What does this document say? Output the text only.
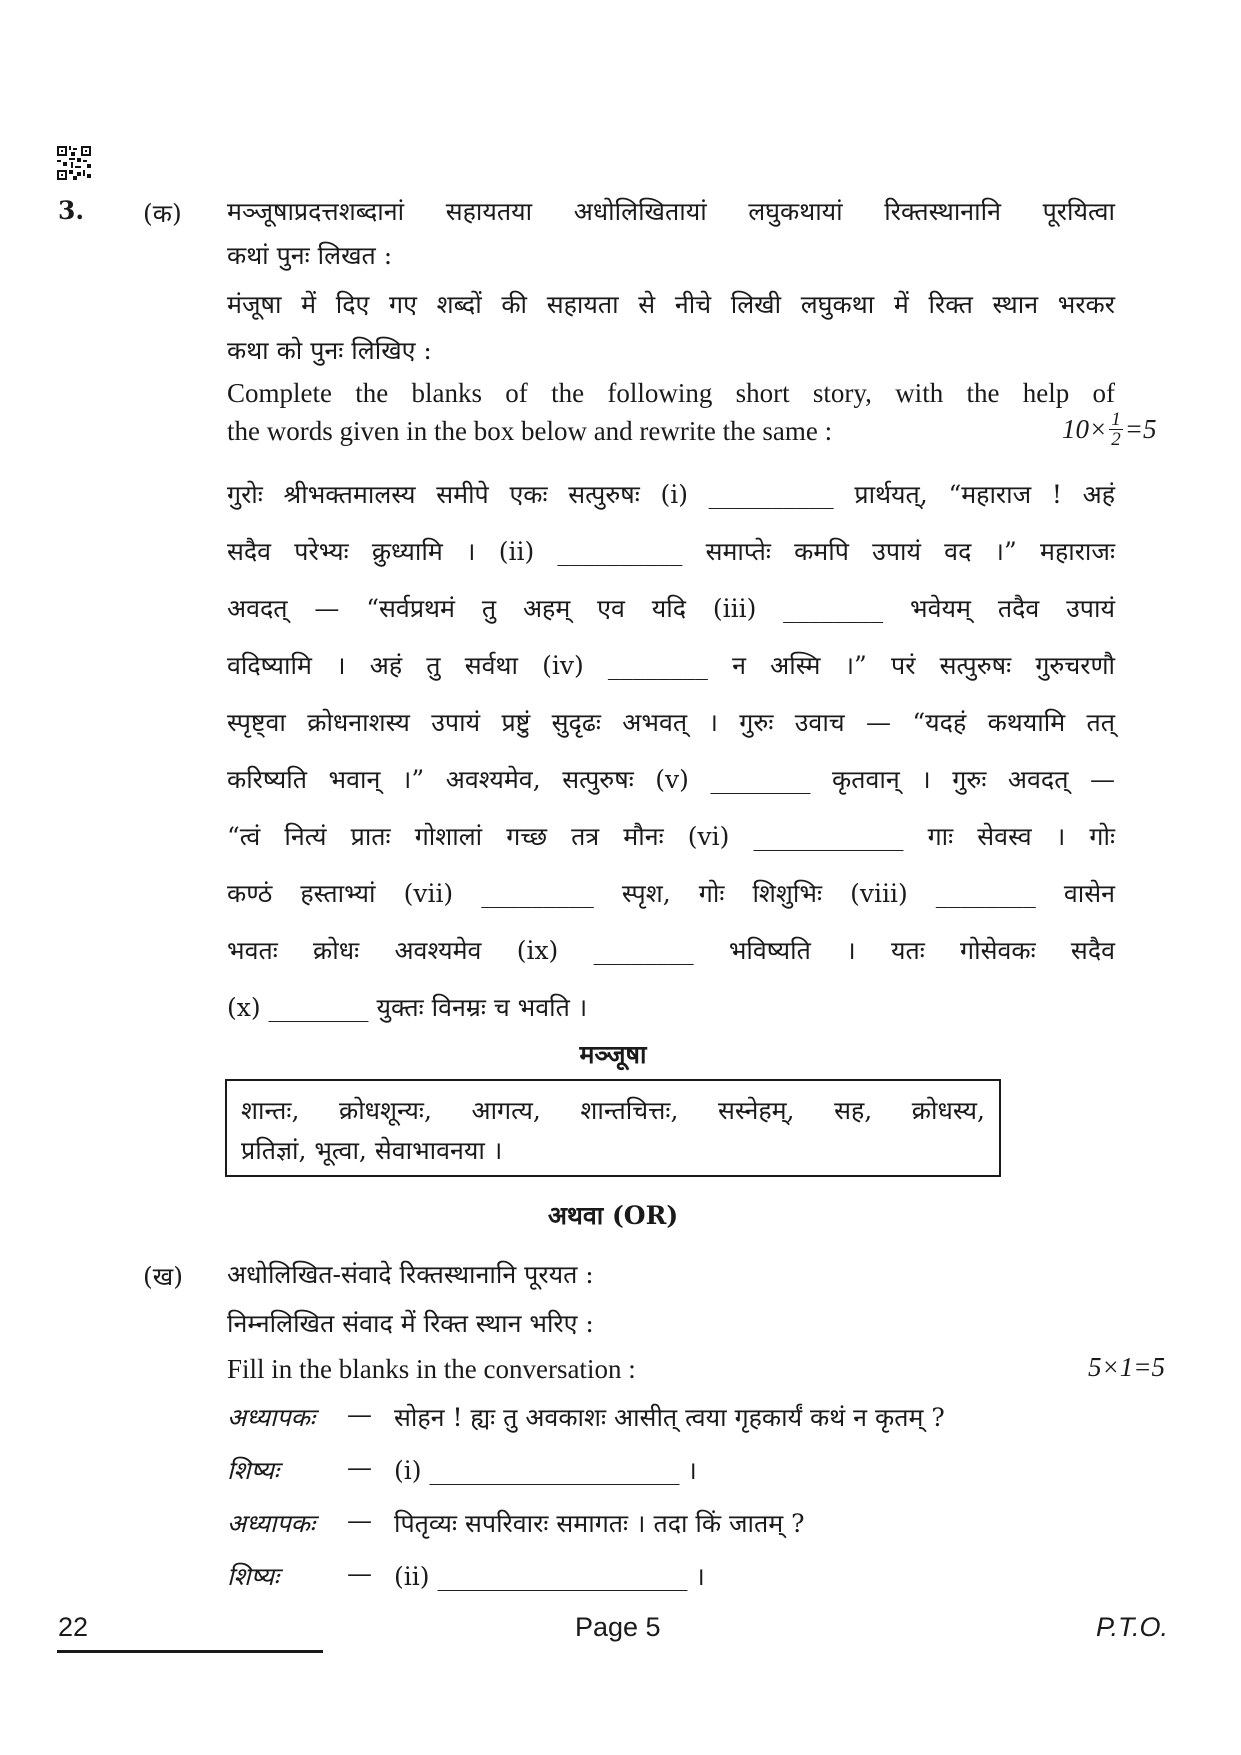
3. (क) मञ्जूषाप्रदत्तशब्दानां सहायतया अधोलिखितायां लघुकथायां रिक्तस्थानानि पूरयित्वा
कथां पुनः लिखत :
मंजूषा में दिए गए शब्दों की सहायता से नीचे लिखी लघुकथा में रिक्त स्थान भरकर
कथा को पुनः लिखिए :
Complete the blanks of the following short story, with the help of
the words given in the box below and rewrite the same :	$10\times \frac{1}{2} =5$

गुरोः श्रीभक्तमालस्य समीपे एकः सत्पुरुषः (i) __________ प्रार्थयत्, “महाराज ! अहं

सदैव परेभ्यः क्रुध्यामि । (ii) __________ समाप्तेः कमपि उपायं वद ।” महाराजः

अवदत् — “सर्वप्रथमं तु अहम् एव यदि (iii) ________ भवेयम् तदैव उपायं

वदिष्यामि । अहं तु सर्वथा (iv) ________ न अस्मि ।” परं सत्पुरुषः गुरुचरणौ

स्पृष्ट्वा क्रोधनाशस्य उपायं प्रष्टुं सुदृढः अभवत् । गुरुः उवाच — “यदहं कथयामि तत्

करिष्यति भवान् ।” अवश्यमेव, सत्पुरुषः (v) ________ कृतवान् । गुरुः अवदत् —

“त्वं नित्यं प्रातः गोशालां गच्छ तत्र मौनः (vi) ____________ गाः सेवस्व । गोः

कण्ठं हस्ताभ्यां (vii) _________ स्पृश, गोः शिशुभिः (viii) ________ वासेन

भवतः क्रोधः अवश्यमेव (ix) ________ भविष्यति । यतः गोसेवकः सदैव

(x) ________ युक्तः विनम्रः च भवति ।

मञ्जूषा
शान्तः, क्रोधशून्यः, आगत्य, शान्तचित्तः, सस्नेहम्, सह, क्रोधस्य,
प्रतिज्ञां, भूत्वा, सेवाभावनया ।
अथवा (OR)
(ख) अधोलिखित-संवादे रिक्तस्थानानि पूरयत :
निम्नलिखित संवाद में रिक्त स्थान भरिए :
Fill in the blanks in the conversation :	5×1=5
अध्यापकः — सोहन ! ह्यः तु अवकाशः आसीत् त्वया गृहकार्यं कथं न कृतम् ?
शिष्यः	— (i) ____________________ ।
अध्यापकः — पितृव्यः सपरिवारः समागतः । तदा किं जातम् ?
शिष्यः	— (ii) ____________________ ।
22	Page 5	P.T.O.
